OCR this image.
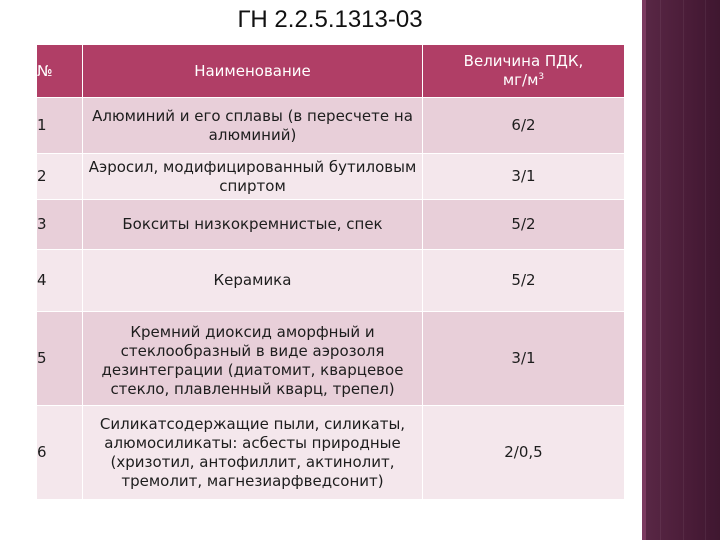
ГН 2.2.5.1313-03
№	Наименование	Величина ПДК,
$мг/м^3$
1	Алюминий и его сплавы (в пересчете на алюминий)	6/2
2	Аэросил, модифицированный бутиловым спиртом	3/1
3	Бокситы низкокремнистые, спек	5/2
4	Керамика	5/2
5	Кремний диоксид аморфный и стеклообразный в виде аэрозоля дезинтеграции (диатомит, кварцевое стекло, плавленный кварц, трепел)	3/1
6	Силикатсодержащие пыли, силикаты, алюмосиликаты: асбесты природные (хризотил, антофиллит, актинолит, тремолит, магнезиарфведсонит)	2/0,5
